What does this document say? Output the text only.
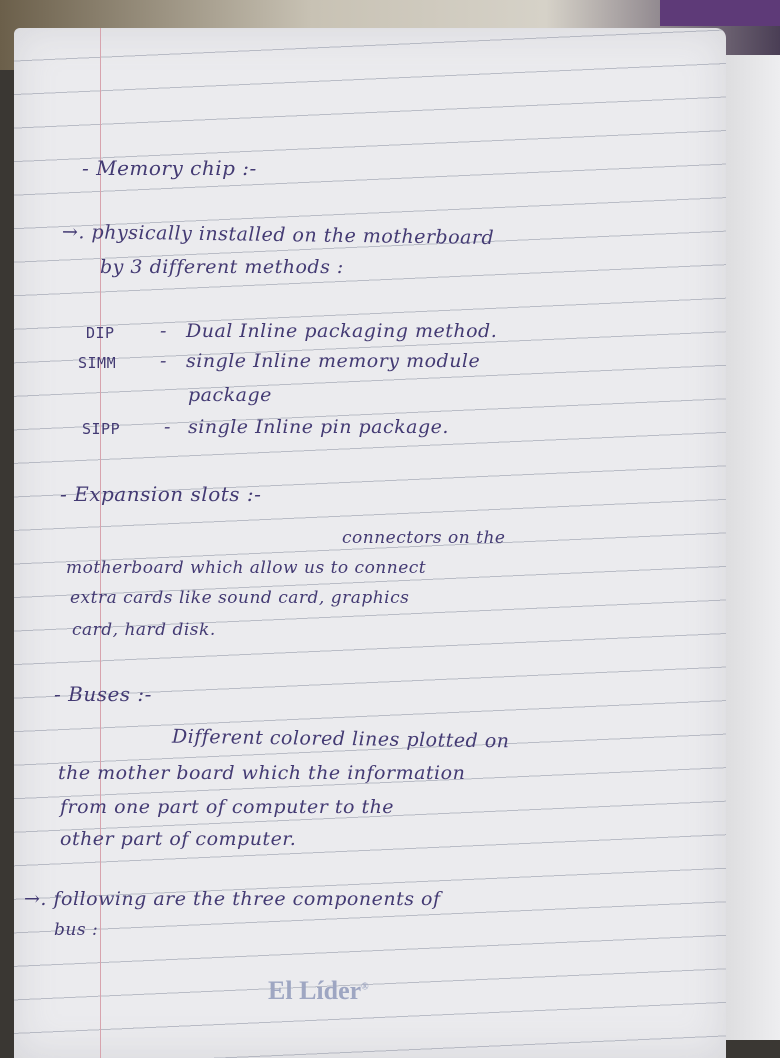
- Memory chip :-

→. physically installed on the motherboard

by 3 different methods :

DIP - Dual Inline packaging method.

SIMM - single Inline memory module

package

SIPP - single Inline pin package.

- Expansion slots :-

connectors on the

motherboard which allow us to connect

extra cards like sound card, graphics

card, hard disk.

- Buses :-

Different colored lines plotted on

the mother board which the information

from one part of computer to the

other part of computer.

→. following are the three components of

bus :

El Líder®
